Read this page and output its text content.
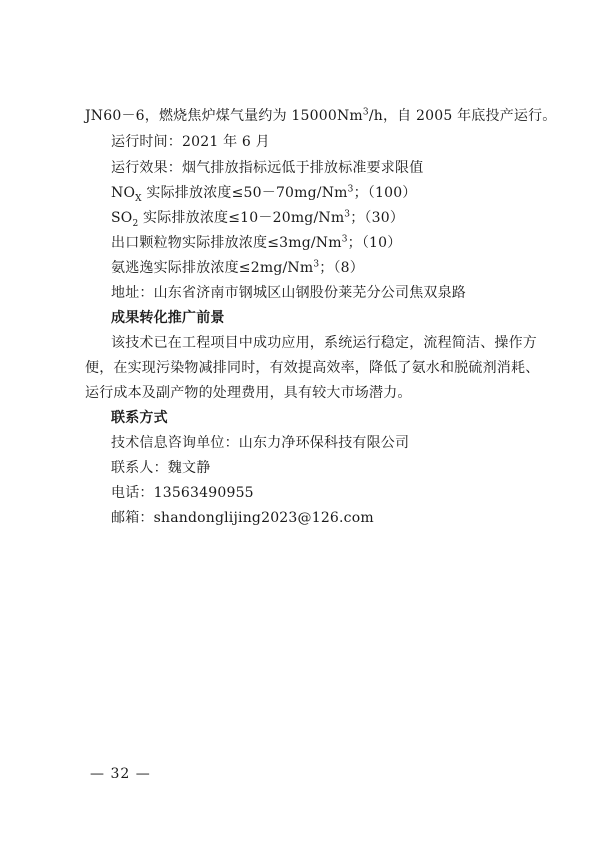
JN60－6，燃烧焦炉煤气量约为 15000Nm$^3$/h，自 2005 年底投产运行。
运行时间：2021 年 6 月
运行效果：烟气排放指标远低于排放标准要求限值
$NO_X$ 实际排放浓度$\le 50-70mg/Nm^3$；（100）
$SO_2$ 实际排放浓度$\le 10-20mg/Nm^3$；（30）
出口颗粒物实际排放浓度$\le 3mg/Nm^3$；（10）
氨逃逸实际排放浓度$\le 2mg/Nm^3$；（8）
地址：山东省济南市钢城区山钢股份莱芜分公司焦双泉路
成果转化推广前景
该技术已在工程项目中成功应用，系统运行稳定，流程简洁、操作方
便，在实现污染物减排同时，有效提高效率，降低了氨水和脱硫剂消耗、
运行成本及副产物的处理费用，具有较大市场潜力。
联系方式
技术信息咨询单位：山东力净环保科技有限公司
联系人：魏文静
电话：13563490955
邮箱：shandonglijing2023@126.com
— 32 —
